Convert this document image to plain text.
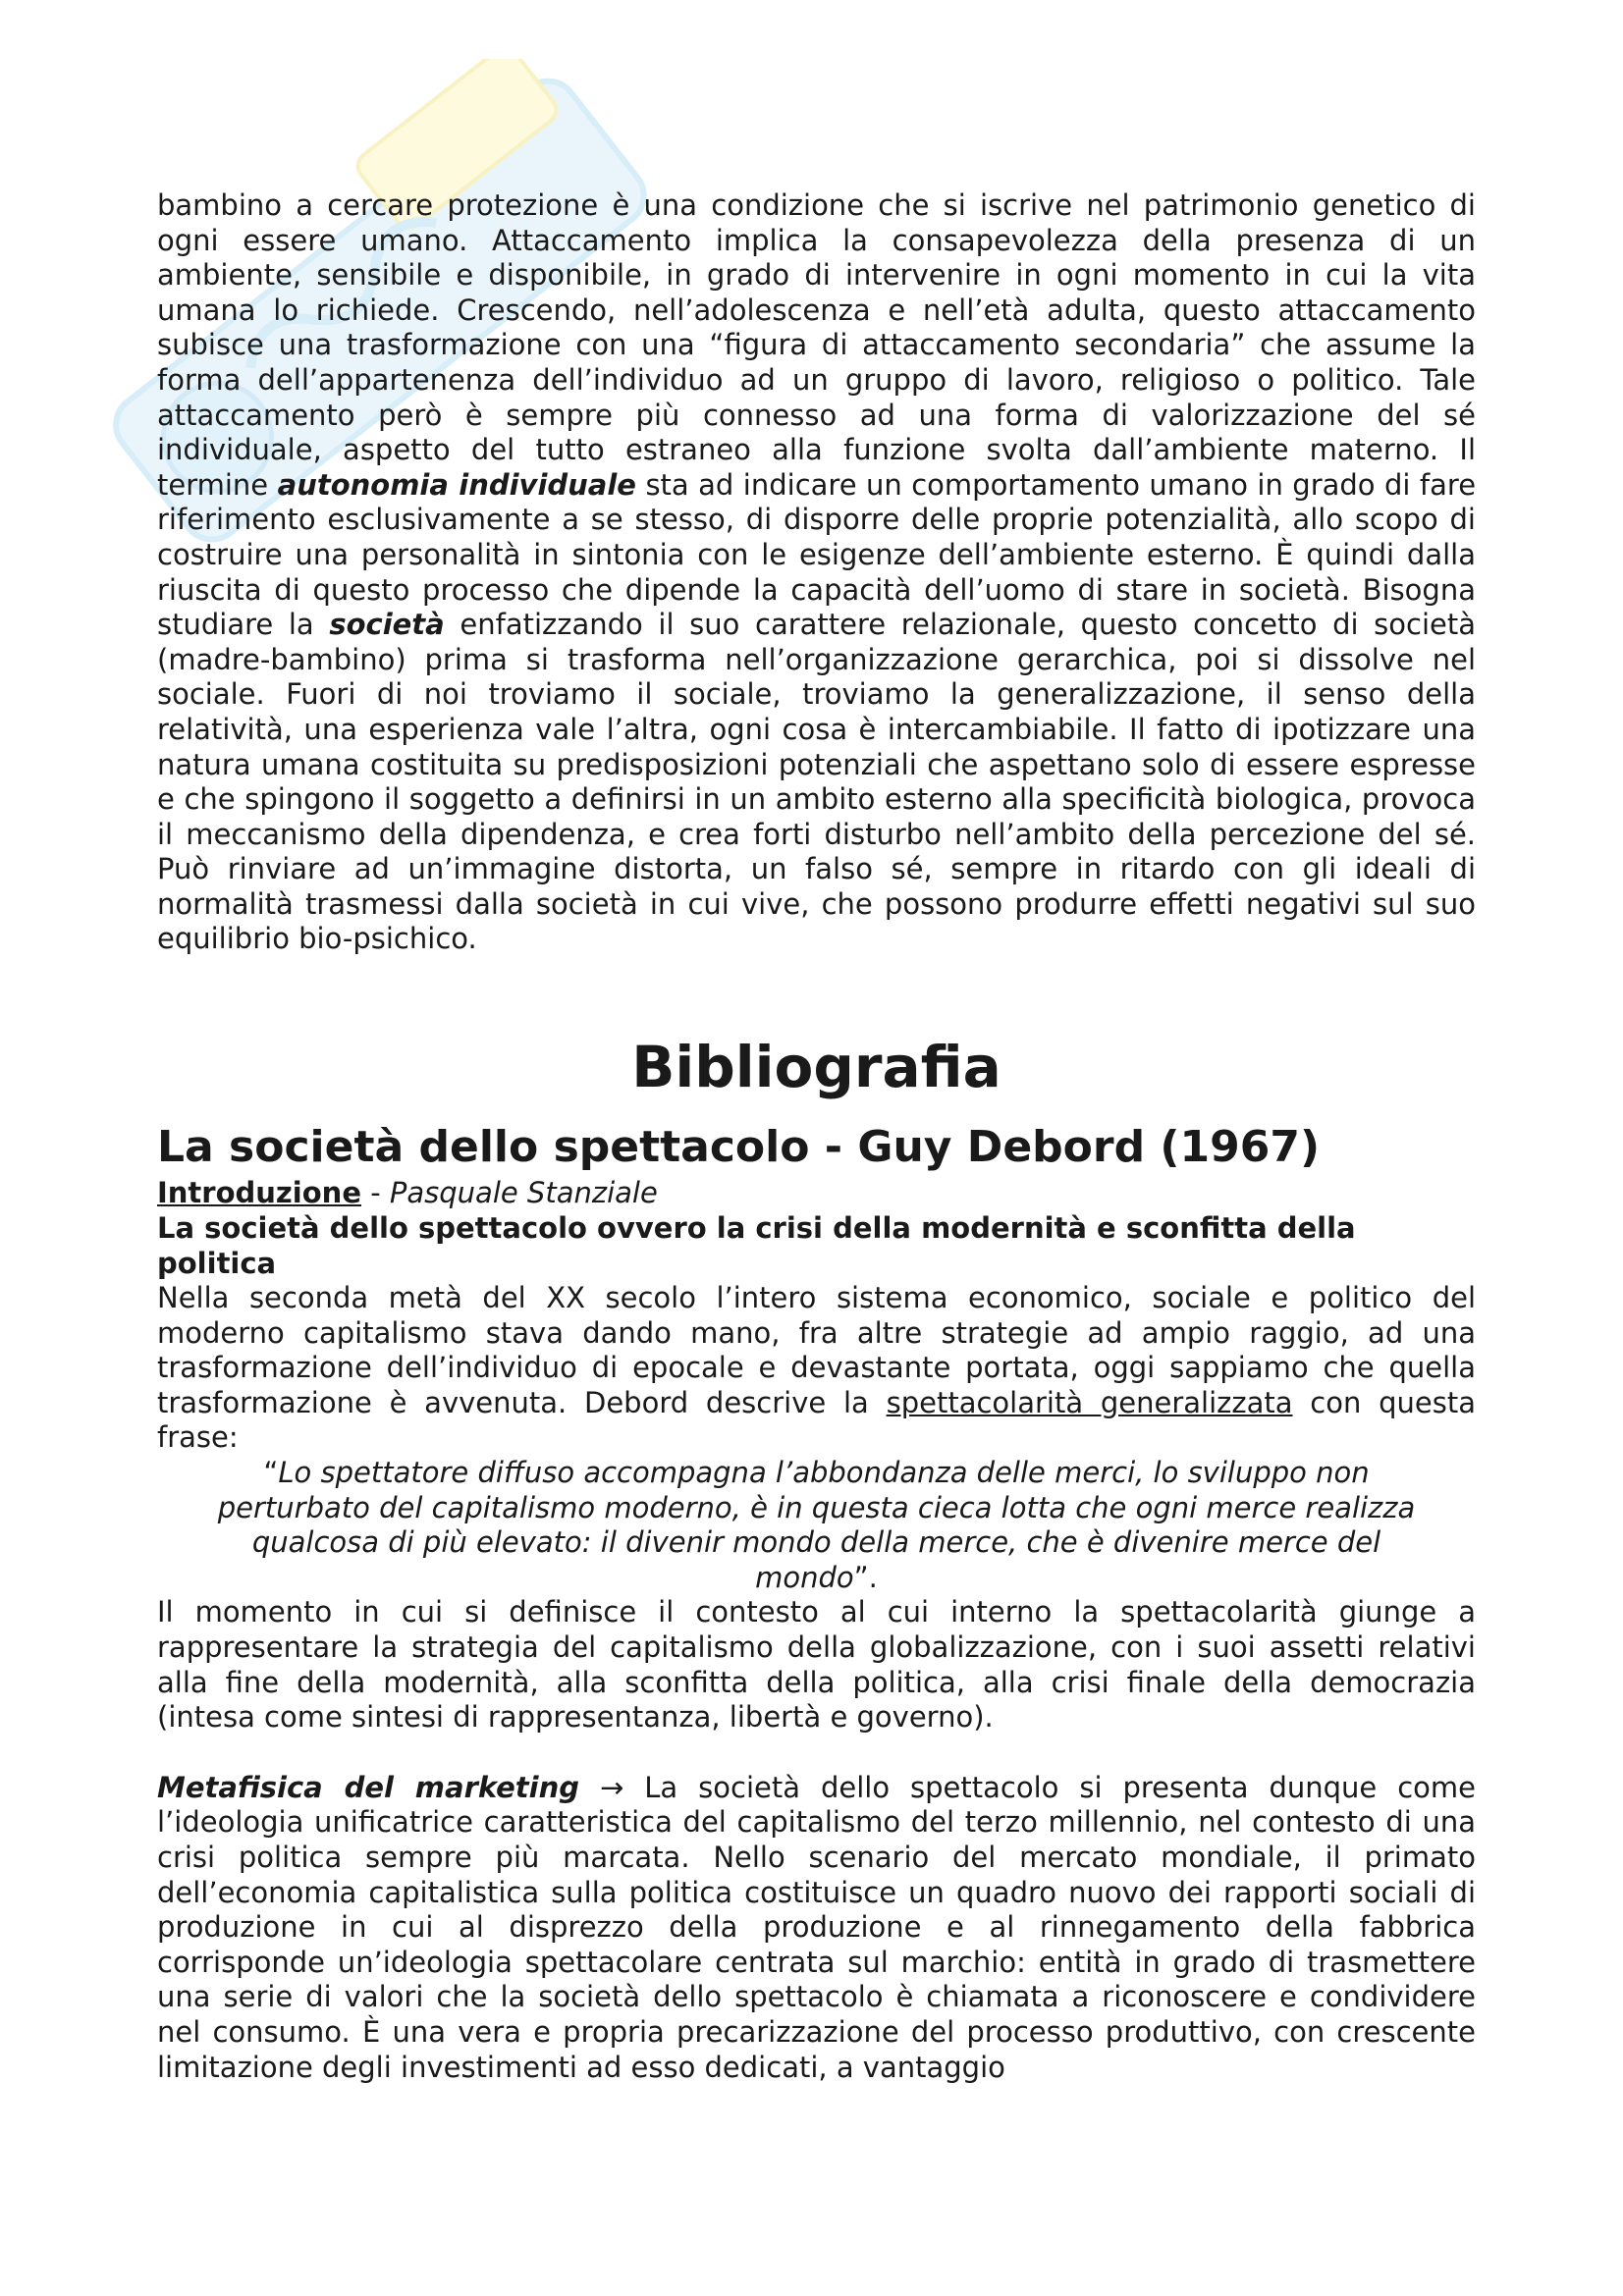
bambino a cercare protezione è una condizione che si iscrive nel patrimonio genetico di ogni essere umano. Attaccamento implica la consapevolezza della presenza di un ambiente, sensibile e disponibile, in grado di intervenire in ogni momento in cui la vita umana lo richiede. Crescendo, nell’adolescenza e nell’età adulta, questo attaccamento subisce una trasformazione con una “figura di attaccamento secondaria” che assume la forma dell’appartenenza dell’individuo ad un gruppo di lavoro, religioso o politico. Tale attaccamento però è sempre più connesso ad una forma di valorizzazione del sé individuale, aspetto del tutto estraneo alla funzione svolta dall’ambiente materno. Il termine autonomia individuale sta ad indicare un comportamento umano in grado di fare riferimento esclusivamente a se stesso, di disporre delle proprie potenzialità, allo scopo di costruire una personalità in sintonia con le esigenze dell’ambiente esterno. È quindi dalla riuscita di questo processo che dipende la capacità dell’uomo di stare in società. Bisogna studiare la società enfatizzando il suo carattere relazionale, questo concetto di società (madre-bambino) prima si trasforma nell’organizzazione gerarchica, poi si dissolve nel sociale. Fuori di noi troviamo il sociale, troviamo la generalizzazione, il senso della relatività, una esperienza vale l’altra, ogni cosa è intercambiabile. Il fatto di ipotizzare una natura umana costituita su predisposizioni potenziali che aspettano solo di essere espresse e che spingono il soggetto a definirsi in un ambito esterno alla specificità biologica, provoca il meccanismo della dipendenza, e crea forti disturbo nell’ambito della percezione del sé. Può rinviare ad un’immagine distorta, un falso sé, sempre in ritardo con gli ideali di normalità trasmessi dalla società in cui vive, che possono produrre effetti negativi sul suo equilibrio bio-psichico.

Bibliografia
La società dello spettacolo - Guy Debord (1967)

Introduzione - Pasquale Stanziale

La società dello spettacolo ovvero la crisi della modernità e sconfitta della politica

Nella seconda metà del XX secolo l’intero sistema economico, sociale e politico del moderno capitalismo stava dando mano, fra altre strategie ad ampio raggio, ad una trasformazione dell’individuo di epocale e devastante portata, oggi sappiamo che quella trasformazione è avvenuta. Debord descrive la spettacolarità generalizzata con questa frase:

“Lo spettatore diffuso accompagna l’abbondanza delle merci, lo sviluppo non perturbato del capitalismo moderno, è in questa cieca lotta che ogni merce realizza qualcosa di più elevato: il divenir mondo della merce, che è divenire merce del mondo”.

Il momento in cui si definisce il contesto al cui interno la spettacolarità giunge a rappresentare la strategia del capitalismo della globalizzazione, con i suoi assetti relativi alla fine della modernità, alla sconfitta della politica, alla crisi finale della democrazia (intesa come sintesi di rappresentanza, libertà e governo).

Metafisica del marketing → La società dello spettacolo si presenta dunque come l’ideologia unificatrice caratteristica del capitalismo del terzo millennio, nel contesto di una crisi politica sempre più marcata. Nello scenario del mercato mondiale, il primato dell’economia capitalistica sulla politica costituisce un quadro nuovo dei rapporti sociali di produzione in cui al disprezzo della produzione e al rinnegamento della fabbrica corrisponde un’ideologia spettacolare centrata sul marchio: entità in grado di trasmettere una serie di valori che la società dello spettacolo è chiamata a riconoscere e condividere nel consumo. È una vera e propria precarizzazione del processo produttivo, con crescente limitazione degli investimenti ad esso dedicati, a vantaggio
